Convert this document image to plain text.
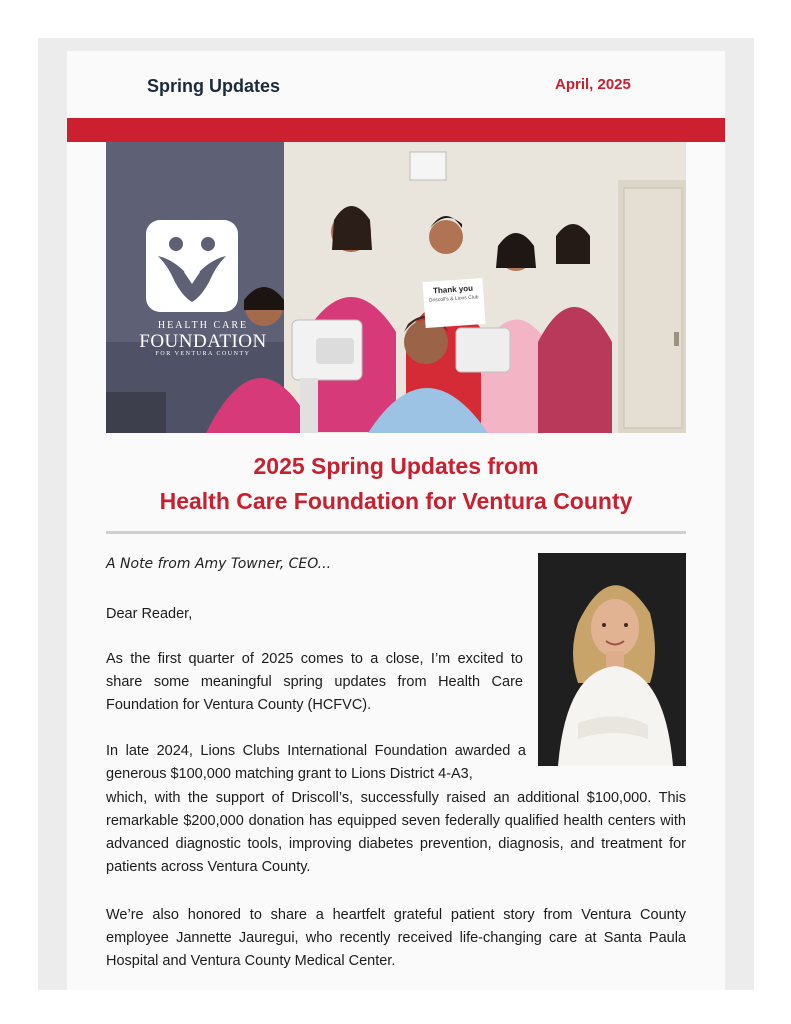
Spring Updates	April, 2025
HEALTH CARE
FOUNDATION
FOR VENTURA COUNTY
Thank you
Driscoll's & Lions Club
2025 Spring Updates from
Health Care Foundation for Ventura County
A Note from Amy Towner, CEO...
Dear Reader,
As the first quarter of 2025 comes to a close, I’m excited to share some meaningful spring updates from Health Care Foundation for Ventura County (HCFVC).
In late 2024, Lions Clubs International Foundation awarded a generous $100,000 matching grant to Lions District 4-A3,
which, with the support of Driscoll’s, successfully raised an additional $100,000. This remarkable $200,000 donation has equipped seven federally qualified health centers with advanced diagnostic tools, improving diabetes prevention, diagnosis, and treatment for patients across Ventura County.
We’re also honored to share a heartfelt grateful patient story from Ventura County employee Jannette Jauregui, who recently received life-changing care at Santa Paula Hospital and Ventura County Medical Center.
